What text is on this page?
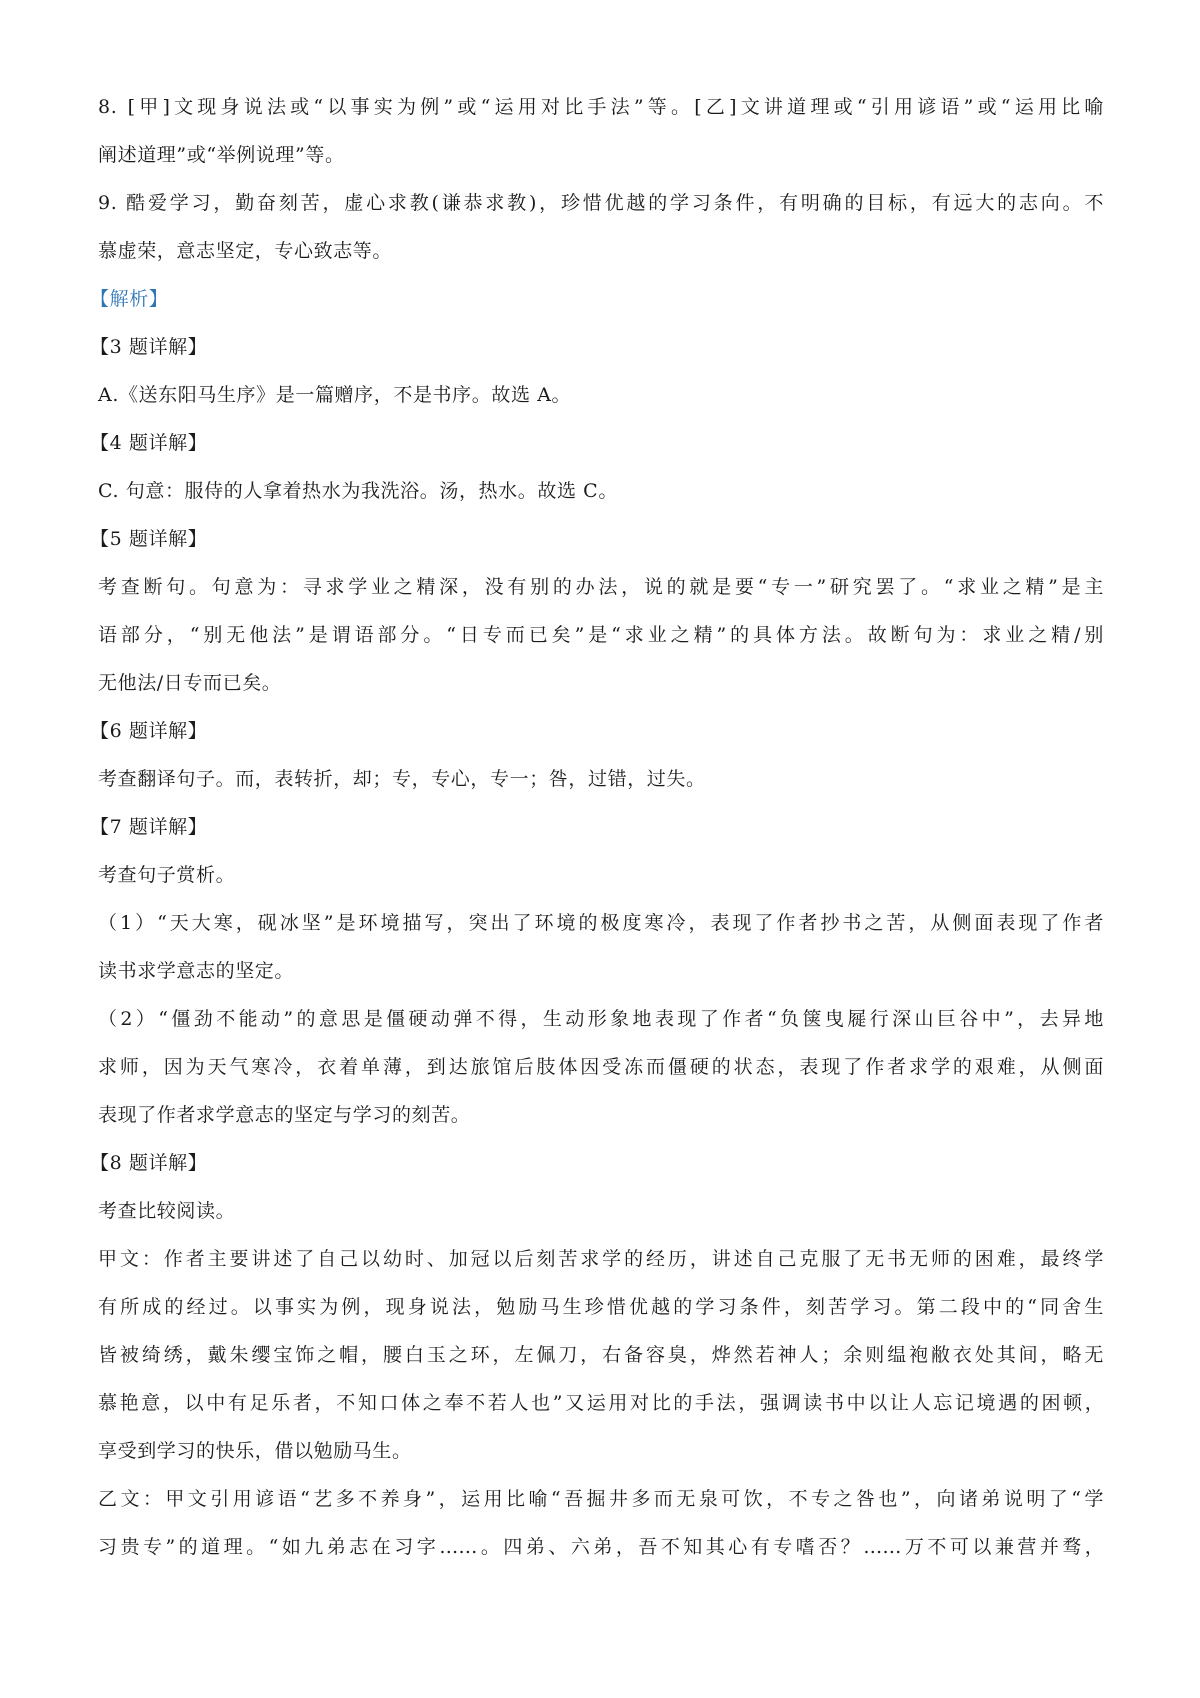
8. [甲]文现身说法或“以事实为例”或“运用对比手法”等。[乙]文讲道理或“引用谚语”或“运用比喻

阐述道理”或“举例说理”等。

9. 酷爱学习，勤奋刻苦，虚心求教(谦恭求教)，珍惜优越的学习条件，有明确的目标，有远大的志向。不

慕虚荣，意志坚定，专心致志等。

【解析】

【3 题详解】

A.《送东阳马生序》是一篇赠序，不是书序。故选 A。

【4 题详解】

C. 句意：服侍的人拿着热水为我洗浴。汤，热水。故选 C。

【5 题详解】

考查断句。句意为：寻求学业之精深，没有别的办法，说的就是要“专一”研究罢了。“求业之精”是主

语部分，“别无他法”是谓语部分。“日专而已矣”是“求业之精”的具体方法。故断句为：求业之精/别

无他法/日专而已矣。

【6 题详解】

考查翻译句子。而，表转折，却；专，专心，专一；咎，过错，过失。

【7 题详解】

考查句子赏析。

（1）“天大寒，砚冰坚”是环境描写，突出了环境的极度寒冷，表现了作者抄书之苦，从侧面表现了作者

读书求学意志的坚定。

（2）“僵劲不能动”的意思是僵硬动弹不得，生动形象地表现了作者“负箧曳屣行深山巨谷中”，去异地

求师，因为天气寒冷，衣着单薄，到达旅馆后肢体因受冻而僵硬的状态，表现了作者求学的艰难，从侧面

表现了作者求学意志的坚定与学习的刻苦。

【8 题详解】

考查比较阅读。

甲文：作者主要讲述了自己以幼时、加冠以后刻苦求学的经历，讲述自己克服了无书无师的困难，最终学

有所成的经过。以事实为例，现身说法，勉励马生珍惜优越的学习条件，刻苦学习。第二段中的“同舍生

皆被绮绣，戴朱缨宝饰之帽，腰白玉之环，左佩刀，右备容臭，烨然若神人；余则缊袍敝衣处其间，略无

慕艳意，以中有足乐者，不知口体之奉不若人也”又运用对比的手法，强调读书中以让人忘记境遇的困顿，

享受到学习的快乐，借以勉励马生。

乙文：甲文引用谚语“艺多不养身”，运用比喻“吾掘井多而无泉可饮，不专之咎也”，向诸弟说明了“学

习贵专”的道理。“如九弟志在习字……。四弟、六弟，吾不知其心有专嗜否？……万不可以兼营并骛，
